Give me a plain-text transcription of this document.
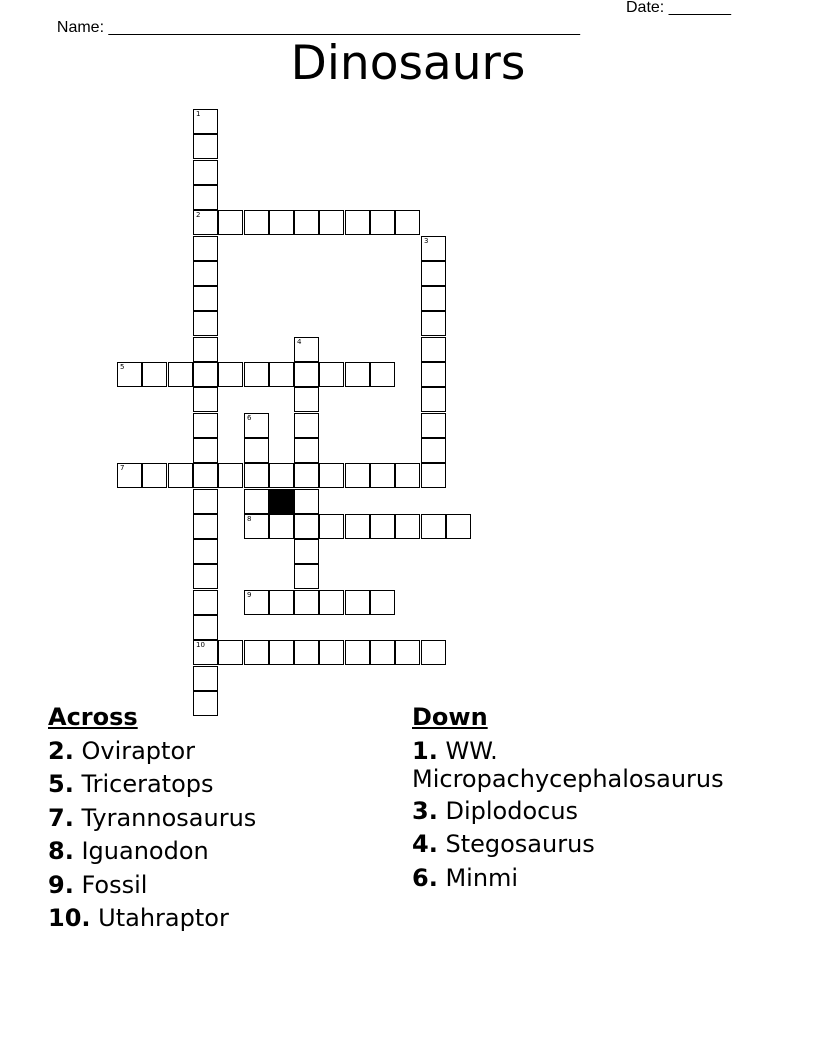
Name: _____________________________________________________

Date: _______

Dinosaurs
1
2
10
3
4
5
6
8
7
9
Across
2. Oviraptor
5. Triceratops
7. Tyrannosaurus
8. Iguanodon
9. Fossil
10. Utahraptor
Down
1. WW. Micropachycephalosaurus
3. Diplodocus
4. Stegosaurus
6. Minmi
